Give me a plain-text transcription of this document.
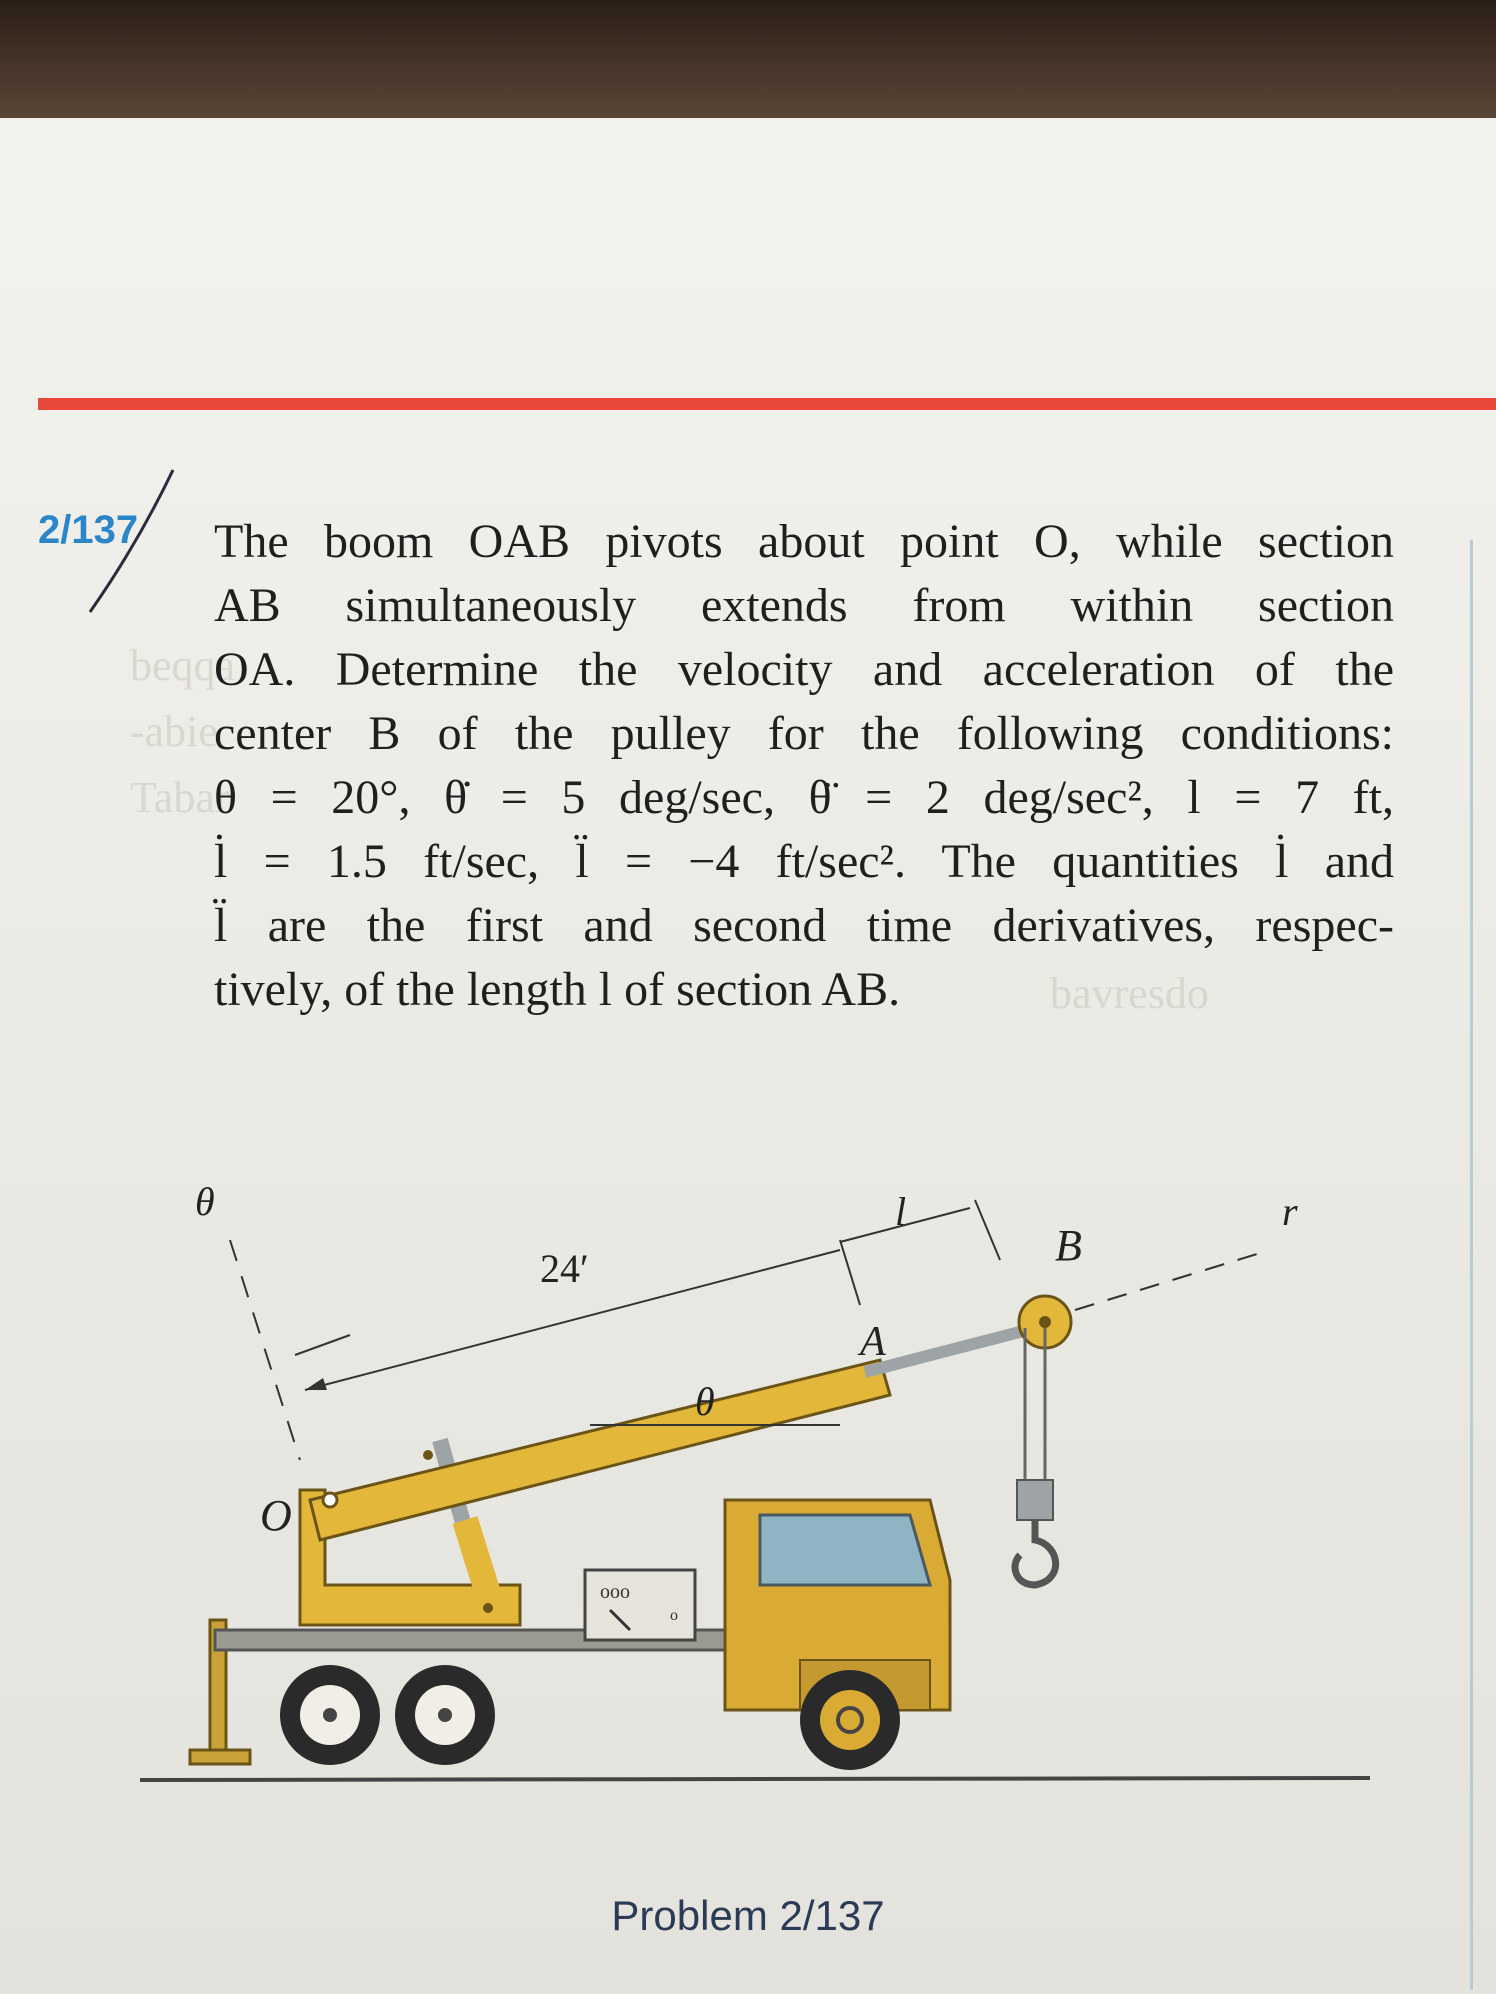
beqqa
-abie
Tabar
bavresdo
2/137 The boom OAB pivots about point O, while section
AB simultaneously extends from within section
OA. Determine the velocity and acceleration of the
center B of the pulley for the following conditions:
θ = 20°, θ̇ = 5 deg/sec, θ̈ = 2 deg/sec², l = 7 ft,
l̇ = 1.5 ft/sec, l̈ = −4 ft/sec². The quantities l̇ and
l̈ are the first and second time derivatives, respec-
tively, of the length l of section AB.
ooo
o
24′
l
B
r
θ
A
θ
O
Problem 2/137
